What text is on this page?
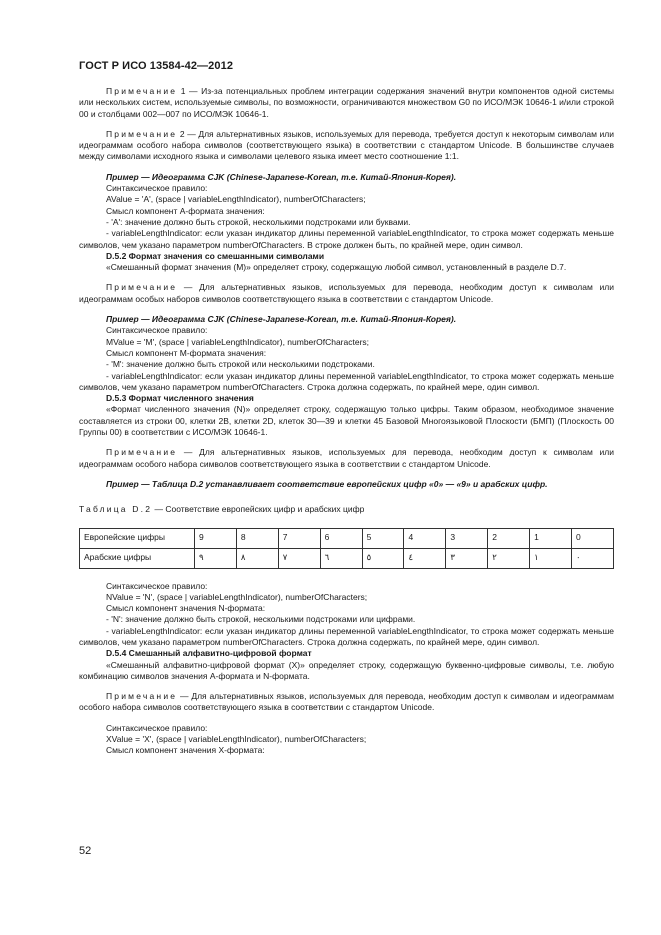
ГОСТ Р ИСО 13584-42—2012

Примечание 1 — Из-за потенциальных проблем интеграции содержания значений внутри компонентов одной системы или нескольких систем, используемые символы, по возможности, ограничиваются множеством G0 по ИСО/МЭК 10646-1 и/или строкой 00 и столбцами 002—007 по ИСО/МЭК 10646-1.

Примечание 2 — Для альтернативных языков, используемых для перевода, требуется доступ к некоторым символам или идеограммам особого набора символов (соответствующего языка) в соответствии с стандартом Unicode. В большинстве случаев между символами исходного языка и символами целевого языка имеет место соотношение 1:1.

Пример — Идеограмма CJK (Chinese-Japanese-Korean, т.е. Китай-Япония-Корея).

Синтаксическое правило:

AValue = 'A', (space | variableLengthIndicator), numberOfCharacters;

Смысл компонент А-формата значения:

- 'A': значение должно быть строкой, несколькими подстроками или буквами.

- variableLengthIndicator: если указан индикатор длины переменной variableLengthIndicator, то строка может содержать меньше символов, чем указано параметром numberOfCharacters. В строке должен быть, по крайней мере, один символ.

D.5.2 Формат значения со смешанными символами

«Смешанный формат значения (M)» определяет строку, содержащую любой символ, установленный в разделе D.7.

Примечание — Для альтернативных языков, используемых для перевода, необходим доступ к символам или идеограммам особых наборов символов соответствующего языка в соответствии с стандартом Unicode.

Пример — Идеограмма CJK (Chinese-Japanese-Korean, т.е. Китай-Япония-Корея).

Синтаксическое правило:

MValue = 'M', (space | variableLengthIndicator), numberOfCharacters;

Смысл компонент М-формата значения:

- 'M': значение должно быть строкой или несколькими подстроками.

- variableLengthIndicator: если указан индикатор длины переменной variableLengthIndicator, то строка может содержать меньше символов, чем указано параметром numberOfCharacters. Строка должна содержать, по крайней мере, один символ.

D.5.3 Формат численного значения

«Формат численного значения (N)» определяет строку, содержащую только цифры. Таким образом, необходимое значение составляется из строки 00, клетки 2B, клетки 2D, клеток 30—39 и клетки 45 Базовой Многоязыковой Плоскости (БМП) (Плоскость 00 Группы 00) в соответствии с ИСО/МЭК 10646-1.

Примечание — Для альтернативных языков, используемых для перевода, необходим доступ к символам или идеограммам особого набора символов соответствующего языка в соответствии с стандартом Unicode.

Пример — Таблица D.2 устанавливает соответствие европейских цифр «0» — «9» и арабских цифр.

Таблица D.2 — Соответствие европейских цифр и арабских цифр

Европейские цифры	9	8	7	6	5	4	3	2	1	0
Арабские цифры	٩	٨	٧	٦	٥	٤	٣	٢	١	٠

Синтаксическое правило:

NValue = 'N', (space | variableLengthIndicator), numberOfCharacters;

Смысл компонент значения N-формата:

- 'N': значение должно быть строкой, несколькими подстроками или цифрами.

- variableLengthIndicator: если указан индикатор длины переменной variableLengthIndicator, то строка может содержать меньше символов, чем указано параметром numberOfCharacters. Строка должна содержать, по крайней мере, один символ.

D.5.4 Смешанный алфавитно-цифровой формат

«Смешанный алфавитно-цифровой формат (X)» определяет строку, содержащую буквенно-цифровые символы, т.е. любую комбинацию символов значения А-формата и N-формата.

Примечание — Для альтернативных языков, используемых для перевода, необходим доступ к символам и идеограммам особого набора символов соответствующего языка в соответствии с стандартом Unicode.

Синтаксическое правило:

XValue = 'X', (space | variableLengthIndicator), numberOfCharacters;

Смысл компонент значения Х-формата:

52
